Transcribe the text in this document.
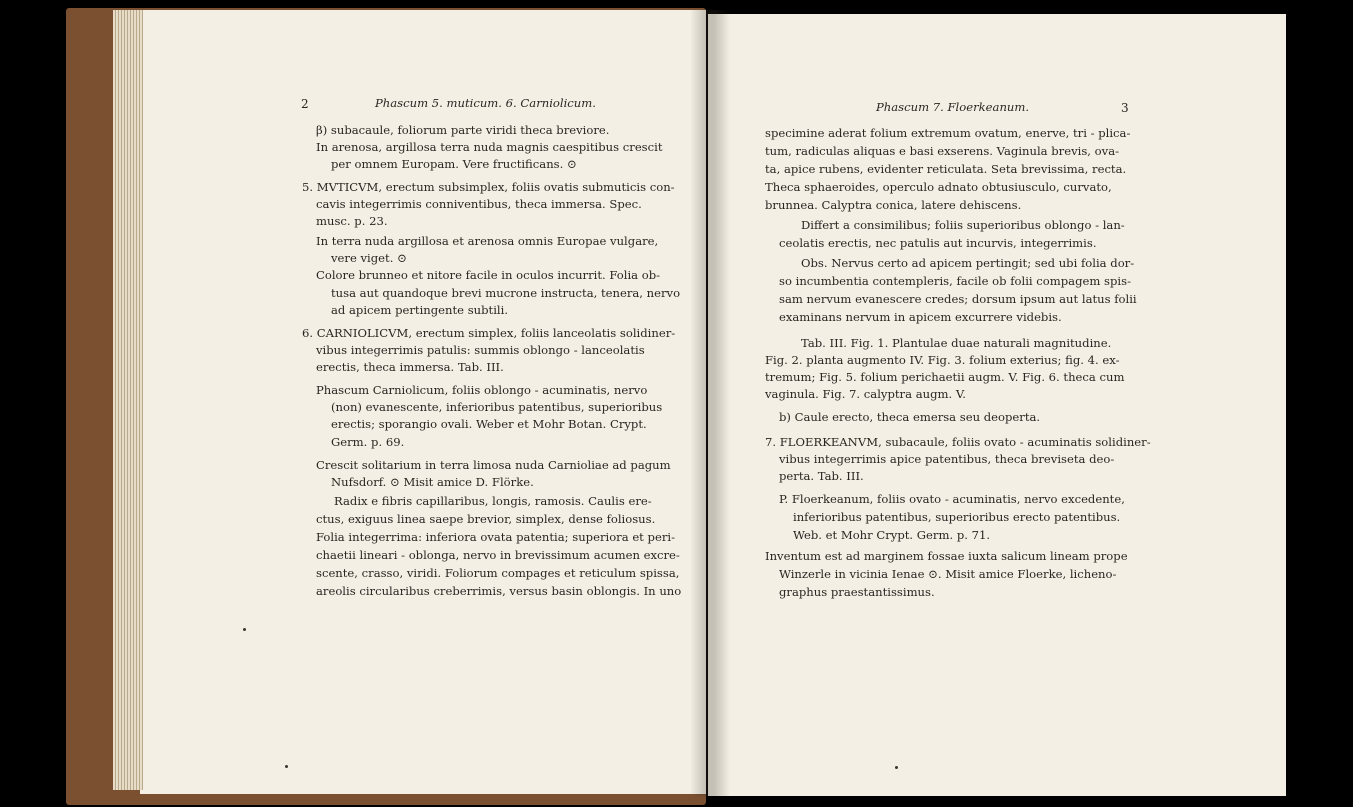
2	Phascum 5. muticum. 6. Carniolicum.
β) subacaule, foliorum parte viridi theca breviore.
In arenosa, argillosa terra nuda magnis caespitibus crescit
per omnem Europam. Vere fructificans. ⊙
5. MVTICVM, erectum subsimplex, foliis ovatis submuticis con-
cavis integerrimis conniventibus, theca immersa. Spec.
musc. p. 23.
In terra nuda argillosa et arenosa omnis Europae vulgare,
vere viget. ⊙
Colore brunneo et nitore facile in oculos incurrit. Folia ob-
tusa aut quandoque brevi mucrone instructa, tenera, nervo
ad apicem pertingente subtili.
6. CARNIOLICVM, erectum simplex, foliis lanceolatis solidiner-
vibus integerrimis patulis: summis oblongo - lanceolatis
erectis, theca immersa. Tab. III.
Phascum Carniolicum, foliis oblongo - acuminatis, nervo
(non) evanescente, inferioribus patentibus, superioribus
erectis; sporangio ovali. Weber et Mohr Botan. Crypt.
Germ. p. 69.
Crescit solitarium in terra limosa nuda Carnioliae ad pagum
Nufsdorf. ⊙ Misit amice D. Flörke.
Radix e fibris capillaribus, longis, ramosis. Caulis ere-
ctus, exiguus linea saepe brevior, simplex, dense foliosus.
Folia integerrima: inferiora ovata patentia; superiora et peri-
chaetii lineari - oblonga, nervo in brevissimum acumen excre-
scente, crasso, viridi. Foliorum compages et reticulum spissa,
areolis circularibus creberrimis, versus basin oblongis. In uno
Phascum 7. Floerkeanum.	3
specimine aderat folium extremum ovatum, enerve, tri - plica-
tum, radiculas aliquas e basi exserens. Vaginula brevis, ova-
ta, apice rubens, evidenter reticulata. Seta brevissima, recta.
Theca sphaeroides, operculo adnato obtusiusculo, curvato,
brunnea. Calyptra conica, latere dehiscens.
Differt a consimilibus; foliis superioribus oblongo - lan-
ceolatis erectis, nec patulis aut incurvis, integerrimis.
Obs. Nervus certo ad apicem pertingit; sed ubi folia dor-
so incumbentia contempleris, facile ob folii compagem spis-
sam nervum evanescere credes; dorsum ipsum aut latus folii
examinans nervum in apicem excurrere videbis.
Tab. III. Fig. 1. Plantulae duae naturali magnitudine.
Fig. 2. planta augmento IV. Fig. 3. folium exterius; fig. 4. ex-
tremum; Fig. 5. folium perichaetii augm. V. Fig. 6. theca cum
vaginula. Fig. 7. calyptra augm. V.
b) Caule erecto, theca emersa seu deoperta.
7. FLOERKEANVM, subacaule, foliis ovato - acuminatis solidiner-
vibus integerrimis apice patentibus, theca breviseta deo-
perta. Tab. III.
P. Floerkeanum, foliis ovato - acuminatis, nervo excedente,
inferioribus patentibus, superioribus erecto patentibus.
Web. et Mohr Crypt. Germ. p. 71.
Inventum est ad marginem fossae iuxta salicum lineam prope
Winzerle in vicinia Ienae ⊙. Misit amice Floerke, licheno-
graphus praestantissimus.
